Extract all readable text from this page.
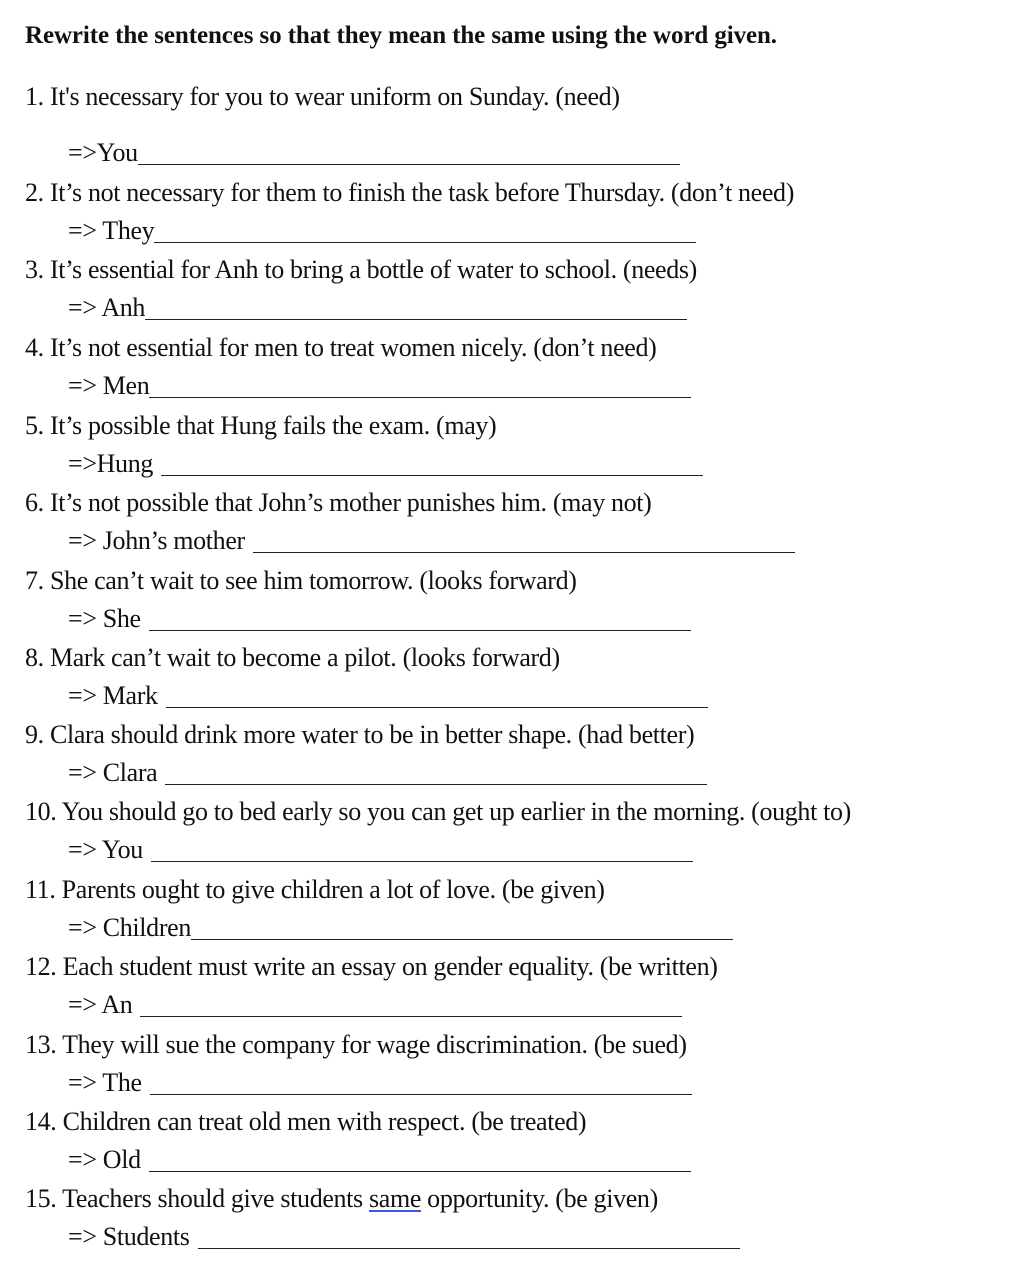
Rewrite the sentences so that they mean the same using the word given.
1. It's necessary for you to wear uniform on Sunday. (need)
=>You
2. It’s not necessary for them to finish the task before Thursday. (don’t need)
=> They
3. It’s essential for Anh to bring a bottle of water to school. (needs)
=> Anh
4. It’s not essential for men to treat women nicely. (don’t need)
=> Men
5. It’s possible that Hung fails the exam. (may)
=>Hung
6. It’s not possible that John’s mother punishes him. (may not)
=> John’s mother
7. She can’t wait to see him tomorrow. (looks forward)
=> She
8. Mark can’t wait to become a pilot. (looks forward)
=> Mark
9. Clara should drink more water to be in better shape. (had better)
=> Clara
10. You should go to bed early so you can get up earlier in the morning. (ought to)
=> You
11. Parents ought to give children a lot of love. (be given)
=> Children
12. Each student must write an essay on gender equality. (be written)
=> An
13. They will sue the company for wage discrimination. (be sued)
=> The
14. Children can treat old men with respect. (be treated)
=> Old
15. Teachers should give students same opportunity. (be given)
=> Students
